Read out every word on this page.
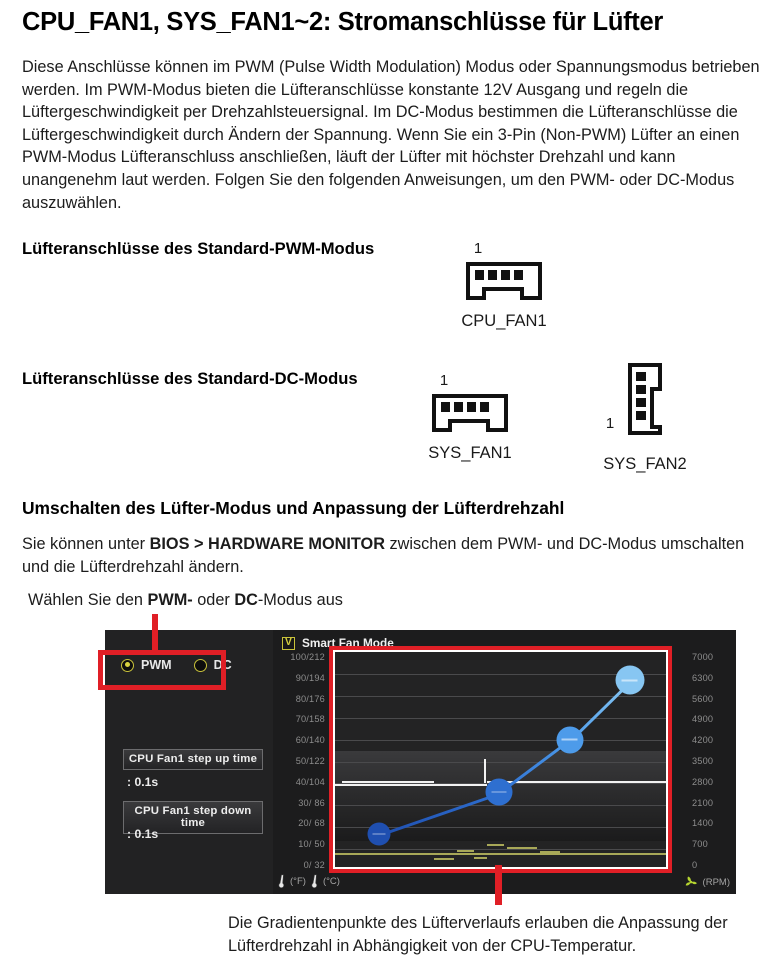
CPU_FAN1, SYS_FAN1~2: Stromanschlüsse für Lüfter
Diese Anschlüsse können im PWM (Pulse Width Modulation) Modus oder Spannungsmodus betrieben werden. Im PWM-Modus bieten die Lüfteranschlüsse konstante 12V Ausgang und regeln die Lüftergeschwindigkeit per Drehzahlsteuersignal. Im DC-Modus bestimmen die Lüfteranschlüsse die Lüftergeschwindigkeit durch Ändern der Spannung. Wenn Sie ein 3-Pin (Non-PWM) Lüfter an einen PWM-Modus Lüfteranschluss anschließen, läuft der Lüfter mit höchster Drehzahl und kann unangenehm laut werden. Folgen Sie den folgenden Anweisungen, um den PWM- oder DC-Modus auszuwählen.
Lüfteranschlüsse des Standard-PWM-Modus	1
CPU_FAN1
Lüfteranschlüsse des Standard-DC-Modus	1
SYS_FAN1
1
SYS_FAN2
Umschalten des Lüfter-Modus und Anpassung der Lüfterdrehzahl
Sie können unter BIOS > HARDWARE MONITOR zwischen dem PWM- und DC-Modus umschalten und die Lüfterdrehzahl ändern.
Wählen Sie den PWM- oder DC-Modus aus
PWM	DC
CPU Fan1 step up time
: 0.1s
CPU Fan1 step down time
: 0.1s
V Smart Fan Mode
100/212
90/194
80/176
70/158
60/140
50/122
40/104
30/ 86
20/ 68
10/ 50
0/ 32
7000
6300
5600
4900
4200
3500
2800
2100
1400
700
0
(°F) (°C)	(RPM)
Die Gradientenpunkte des Lüfterverlaufs erlauben die Anpassung der Lüfterdrehzahl in Abhängigkeit von der CPU-Temperatur.
